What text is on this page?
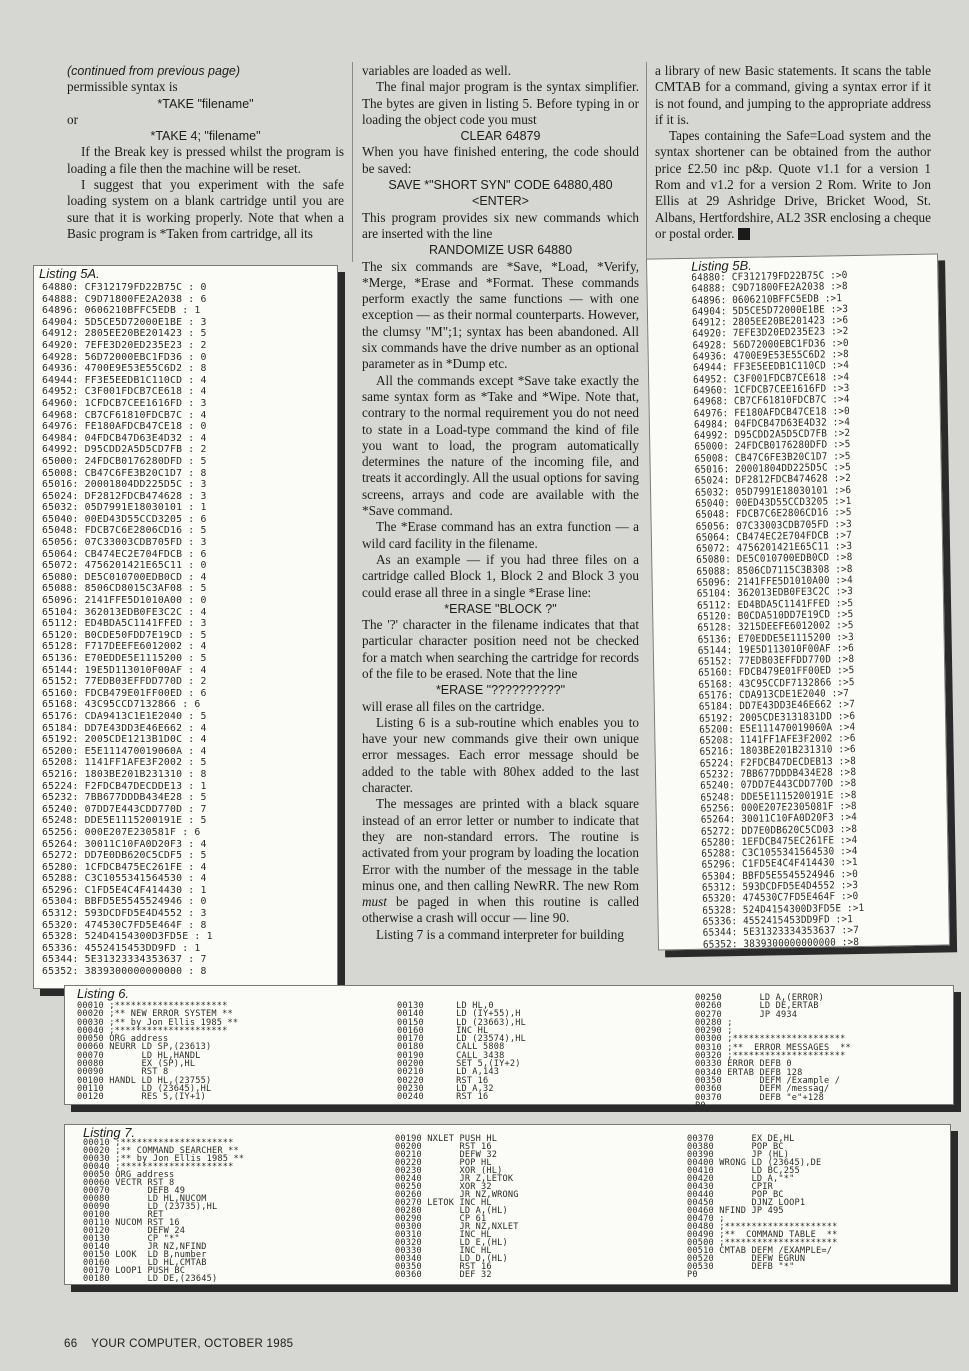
(continued from previous page)

permissible syntax is

*TAKE "filename"

or

*TAKE 4; "filename"

If the Break key is pressed whilst the program is loading a file then the machine will be reset.

I suggest that you experiment with the safe loading system on a blank cartridge until you are sure that it is working properly. Note that when a Basic program is *Taken from cartridge, all its

variables are loaded as well.

The final major program is the syntax simplifier. The bytes are given in listing 5. Before typing in or loading the object code you must

CLEAR 64879

When you have finished entering, the code should be saved:

SAVE *"SHORT SYN" CODE 64880,480

<ENTER>

This program provides six new commands which are inserted with the line

RANDOMIZE USR 64880

The six commands are *Save, *Load, *Verify, *Merge, *Erase and *Format. These commands perform exactly the same functions — with one exception — as their normal counterparts. However, the clumsy "M";1; syntax has been abandoned. All six commands have the drive number as an optional parameter as in *Dump etc.

All the commands except *Save take exactly the same syntax form as *Take and *Wipe. Note that, contrary to the normal requirement you do not need to state in a Load-type command the kind of file you want to load, the program automatically determines the nature of the incoming file, and treats it accordingly. All the usual options for saving screens, arrays and code are available with the *Save command.

The *Erase command has an extra function — a wild card facility in the filename.

As an example — if you had three files on a cartridge called Block 1, Block 2 and Block 3 you could erase all three in a single *Erase line:

*ERASE "BLOCK ?"

The '?' character in the filename indicates that that particular character position need not be checked for a match when searching the cartridge for records of the file to be erased. Note that the line

*ERASE "??????????"

will erase all files on the cartridge.

Listing 6 is a sub-routine which enables you to have your new commands give their own unique error messages. Each error message should be added to the table with 80hex added to the last character.

The messages are printed with a black square instead of an error letter or number to indicate that they are non-standard errors. The routine is activated from your program by loading the location Error with the number of the message in the table minus one, and then calling NewRR. The new Rom must be paged in when this routine is called otherwise a crash will occur — line 90.

Listing 7 is a command interpreter for building

a library of new Basic statements. It scans the table CMTAB for a command, giving a syntax error if it is not found, and jumping to the appropriate address if it is.

Tapes containing the Safe=Load system and the syntax shortener can be obtained from the author price £2.50 inc p&p. Quote v1.1 for a version 1 Rom and v1.2 for a version 2 Rom. Write to Jon Ellis at 29 Ashridge Drive, Bricket Wood, St. Albans, Hertfordshire, AL2 3SR enclosing a cheque or postal order.

Listing 5A.
64880: CF312179FD22B75C : 0
64888: C9D71800FE2A2038 : 6
64896: 0606210BFFC5EDB : 1
64904: 5D5CE5D72000E1BE : 3
64912: 2805EE20BE201423 : 5
64920: 7EFE3D20ED235E23 : 2
64928: 56D72000EBC1FD36 : 0
64936: 4700E9E53E55C6D2 : 8
64944: FF3E5EEDB1C110CD : 4
64952: C3F001FDCB7CE618 : 4
64960: 1CFDCB7CEE1616FD : 3
64968: CB7CF61810FDCB7C : 4
64976: FE180AFDCB47CE18 : 0
64984: 04FDCB47D63E4D32 : 4
64992: D95CDD2A5D5CD7FB : 2
65000: 24FDCB0176280DFD : 5
65008: CB47C6FE3B20C1D7 : 8
65016: 20001804DD225D5C : 3
65024: DF2812FDCB474628 : 3
65032: 05D7991E18030101 : 1
65040: 00ED43D55CCD3205 : 6
65048: FDCB7C6E2806CD16 : 5
65056: 07C33003CDB705FD : 3
65064: CB474EC2E704FDCB : 6
65072: 4756201421E65C11 : 0
65080: DE5C010700EDB0CD : 4
65088: 8506CD8015C3AF08 : 5
65096: 2141FFE5D1010A00 : 0
65104: 362013EDB0FE3C2C : 4
65112: ED4BDA5C1141FFED : 3
65120: B0CDE50FDD7E19CD : 5
65128: F717DEEFE6012002 : 4
65136: E70EDDE5E1115200 : 5
65144: 19E5D113010F00AF : 4
65152: 77EDB03EFFDD770D : 2
65160: FDCB479E01FF00ED : 6
65168: 43C95CCD7132866 : 6
65176: CDA9413C1E1E2040 : 5
65184: DD7E43DD3E46E662 : 4
65192: 2005CDE1213B1D0C : 4
65200: E5E111470019060A : 4
65208: 1141FF1AFE3F2002 : 5
65216: 1803BE201B231310 : 8
65224: F2FDCB47DECDDE13 : 1
65232: 7BB677DDDB434E28 : 5
65240: 07DD7E443CDD770D : 7
65248: DDE5E1115200191E : 5
65256: 000E207E230581F : 6
65264: 30011C10FA0D20F3 : 4
65272: DD7E0DB620C5CDF5 : 5
65280: 1CFDCB475EC261FE : 4
65288: C3C1055341564530 : 4
65296: C1FD5E4C4F414430 : 1
65304: BBFD5E5545524946 : 0
65312: 593DCDFD5E4D4552 : 3
65320: 474530C7FD5E464F : 8
65328: 524D4154300D3FD5E : 1
65336: 4552415453DD9FD : 1
65344: 5E31323334353637 : 7
65352: 3839300000000000 : 8
Listing 5B.
64880: CF312179FD22B75C :>0
64888: C9D71800FE2A2038 :>8
64896: 0606210BFFC5EDB :>1
64904: 5D5CE5D72000E1BE :>3
64912: 2805EE20BE201423 :>6
64920: 7EFE3D20ED235E23 :>2
64928: 56D72000EBC1FD36 :>0
64936: 4700E9E53E55C6D2 :>8
64944: FF3E5EEDB1C110CD :>4
64952: C3F001FDCB7CE618 :>4
64960: 1CFDCB7CEE1616FD :>3
64968: CB7CF61810FDCB7C :>4
64976: FE180AFDCB47CE18 :>0
64984: 04FDCB47D63E4D32 :>4
64992: D95CDD2A5D5CD7FB :>2
65000: 24FDCB0176280DFD :>5
65008: CB47C6FE3B20C1D7 :>5
65016: 20001804DD225D5C :>5
65024: DF2812FDCB474628 :>2
65032: 05D7991E18030101 :>6
65040: 00ED43D55CCD3205 :>1
65048: FDCB7C6E2806CD16 :>5
65056: 07C33003CDB705FD :>3
65064: CB474EC2E704FDCB :>7
65072: 4756201421E65C11 :>3
65080: DE5C010700EDB0CD :>8
65088: 8506CD7115C3B308 :>8
65096: 2141FFE5D1010A00 :>4
65104: 362013EDB0FE3C2C :>3
65112: ED4BDA5C1141FFED :>5
65120: B0CDA510DD7E19CD :>5
65128: 3215DEEFE6012002 :>5
65136: E70EDDE5E1115200 :>3
65144: 19E5D113010F00AF :>6
65152: 77EDB03EFFDD770D :>8
65160: FDCB479E01FF00ED :>5
65168: 43C95CCDF7132866 :>5
65176: CDA913CDE1E2040 :>7
65184: DD7E43DD3E46E662 :>7
65192: 2005CDE3131831DD :>6
65200: E5E111470019060A :>4
65208: 1141FF1AFE3F2002 :>6
65216: 1803BE201B231310 :>6
65224: F2FDCB47DECDEB13 :>8
65232: 7BB677DDDB434E28 :>8
65240: 07DD7E443CDD770D :>8
65248: DDE5E1115200191E :>8
65256: 000E207E2305081F :>8
65264: 30011C10FA0D20F3 :>4
65272: DD7E0DB620C5CD03 :>8
65280: 1EFDCB475EC261FE :>4
65288: C3C1055341564530 :>4
65296: C1FD5E4C4F414430 :>1
65304: BBFD5E5545524946 :>0
65312: 593DCDFD5E4D4552 :>3
65320: 474530C7FD5E464F :>0
65328: 524D4154300D3FD5E :>1
65336: 4552415453DD9FD :>1
65344: 5E31323334353637 :>7
65352: 3839300000000000 :>8
Listing 6.
00010 ;*********************
00020 ;** NEW ERROR SYSTEM **
00030 ;** by Jon Ellis 1985 **
00040 ;*********************
00050 ORG address
00060 NEURR LD SP,(23613)
00070       LD HL,HANDL
00080       EX (SP),HL
00090       RST 8
00100 HANDL LD HL,(23755)
00110       LD (23645),HL
00120       RES 5,(IY+1)
00130      LD HL,0
00140      LD (IY+55),H
00150      LD (23663),HL
00160      INC HL
00170      LD (23574),HL
00180      CALL 5808
00190      CALL 3438
00200      SET 5,(IY+2)
00210      LD A,143
00220      RST 16
00230      LD A,32
00240      RST 16
00250       LD A,(ERROR)
00260       LD DE,ERTAB
00270       JP 4934
00280 ;
00290 ;
00300 ;*********************
00310 ;**  ERROR MESSAGES  **
00320 ;*********************
00330 ERROR DEFB 0
00340 ERTAB DEFB 128
00350       DEFM /Example /
00360       DEFM /messag/
00370       DEFB "e"+128
P0
Listing 7.
00010 ;*********************
00020 ;** COMMAND SEARCHER **
00030 ;** by Jon Ellis 1985 **
00040 ;*********************
00050 ORG address
00060 VECTR RST 8
00070       DEFB 49
00080       LD HL,NUCOM
00090       LD (23735),HL
00100       RET
00110 NUCOM RST 16
00120       DEFW 24
00130       CP "*"
00140       JR NZ,NFIND
00150 LOOK  LD B,number
00160       LD HL,CMTAB
00170 LOOP1 PUSH BC
00180       LD DE,(23645)
00190 NXLET PUSH HL
00200       RST 16
00210       DEFW 32
00220       POP HL
00230       XOR (HL)
00240       JR Z,LETOK
00250       XOR 32
00260       JR NZ,WRONG
00270 LETOK INC HL
00280       LD A,(HL)
00290       CP 61
00300       JR NZ,NXLET
00310       INC HL
00320       LD E,(HL)
00330       INC HL
00340       LD D,(HL)
00350       RST 16
00360       DEF 32
00370       EX DE,HL
00380       POP BC
00390       JP (HL)
00400 WRONG LD (23645),DE
00410       LD BC,255
00420       LD A,"*"
00430       CPIR
00440       POP BC
00450       DJNZ LOOP1
00460 NFIND JP 495
00470 ;
00480 ;*********************
00490 ;**  COMMAND TABLE  **
00500 ;*********************
00510 CMTAB DEFM /EXAMPLE=/
00520       DEFW EGRUN
00530       DEFB "*"
P0
66 YOUR COMPUTER, OCTOBER 1985
